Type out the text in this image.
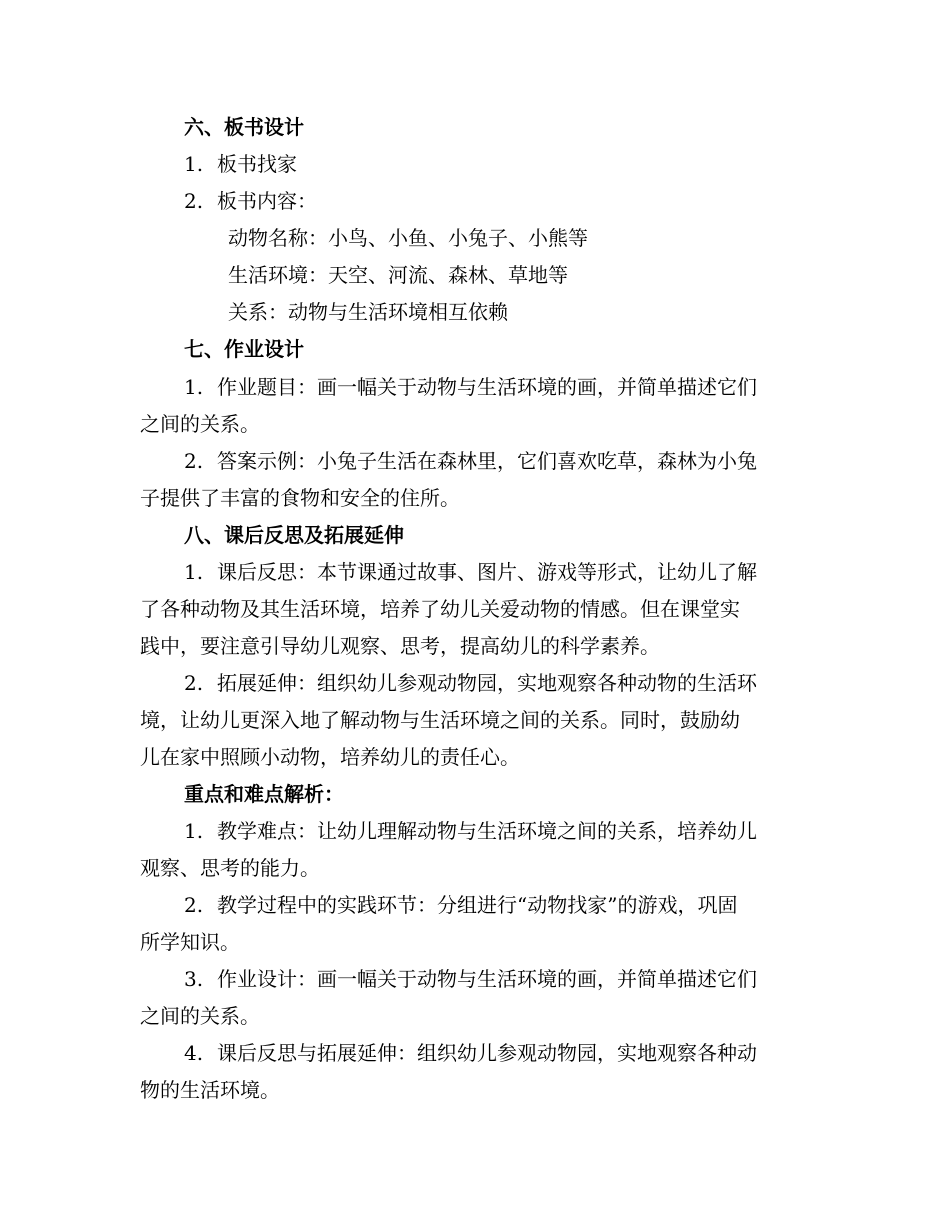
六、板书设计
1. 板书找家
2. 板书内容：
动物名称：小鸟、小鱼、小兔子、小熊等
生活环境：天空、河流、森林、草地等
关系：动物与生活环境相互依赖
七、作业设计
1. 作业题目：画一幅关于动物与生活环境的画，并简单描述它们
之间的关系。
2. 答案示例：小兔子生活在森林里，它们喜欢吃草，森林为小兔
子提供了丰富的食物和安全的住所。
八、课后反思及拓展延伸
1. 课后反思：本节课通过故事、图片、游戏等形式，让幼儿了解
了各种动物及其生活环境，培养了幼儿关爱动物的情感。但在课堂实
践中，要注意引导幼儿观察、思考，提高幼儿的科学素养。
2. 拓展延伸：组织幼儿参观动物园，实地观察各种动物的生活环
境，让幼儿更深入地了解动物与生活环境之间的关系。同时，鼓励幼
儿在家中照顾小动物，培养幼儿的责任心。
重点和难点解析：
1. 教学难点：让幼儿理解动物与生活环境之间的关系，培养幼儿
观察、思考的能力。
2. 教学过程中的实践环节：分组进行“动物找家”的游戏，巩固
所学知识。
3. 作业设计：画一幅关于动物与生活环境的画，并简单描述它们
之间的关系。
4. 课后反思与拓展延伸：组织幼儿参观动物园，实地观察各种动
物的生活环境。
